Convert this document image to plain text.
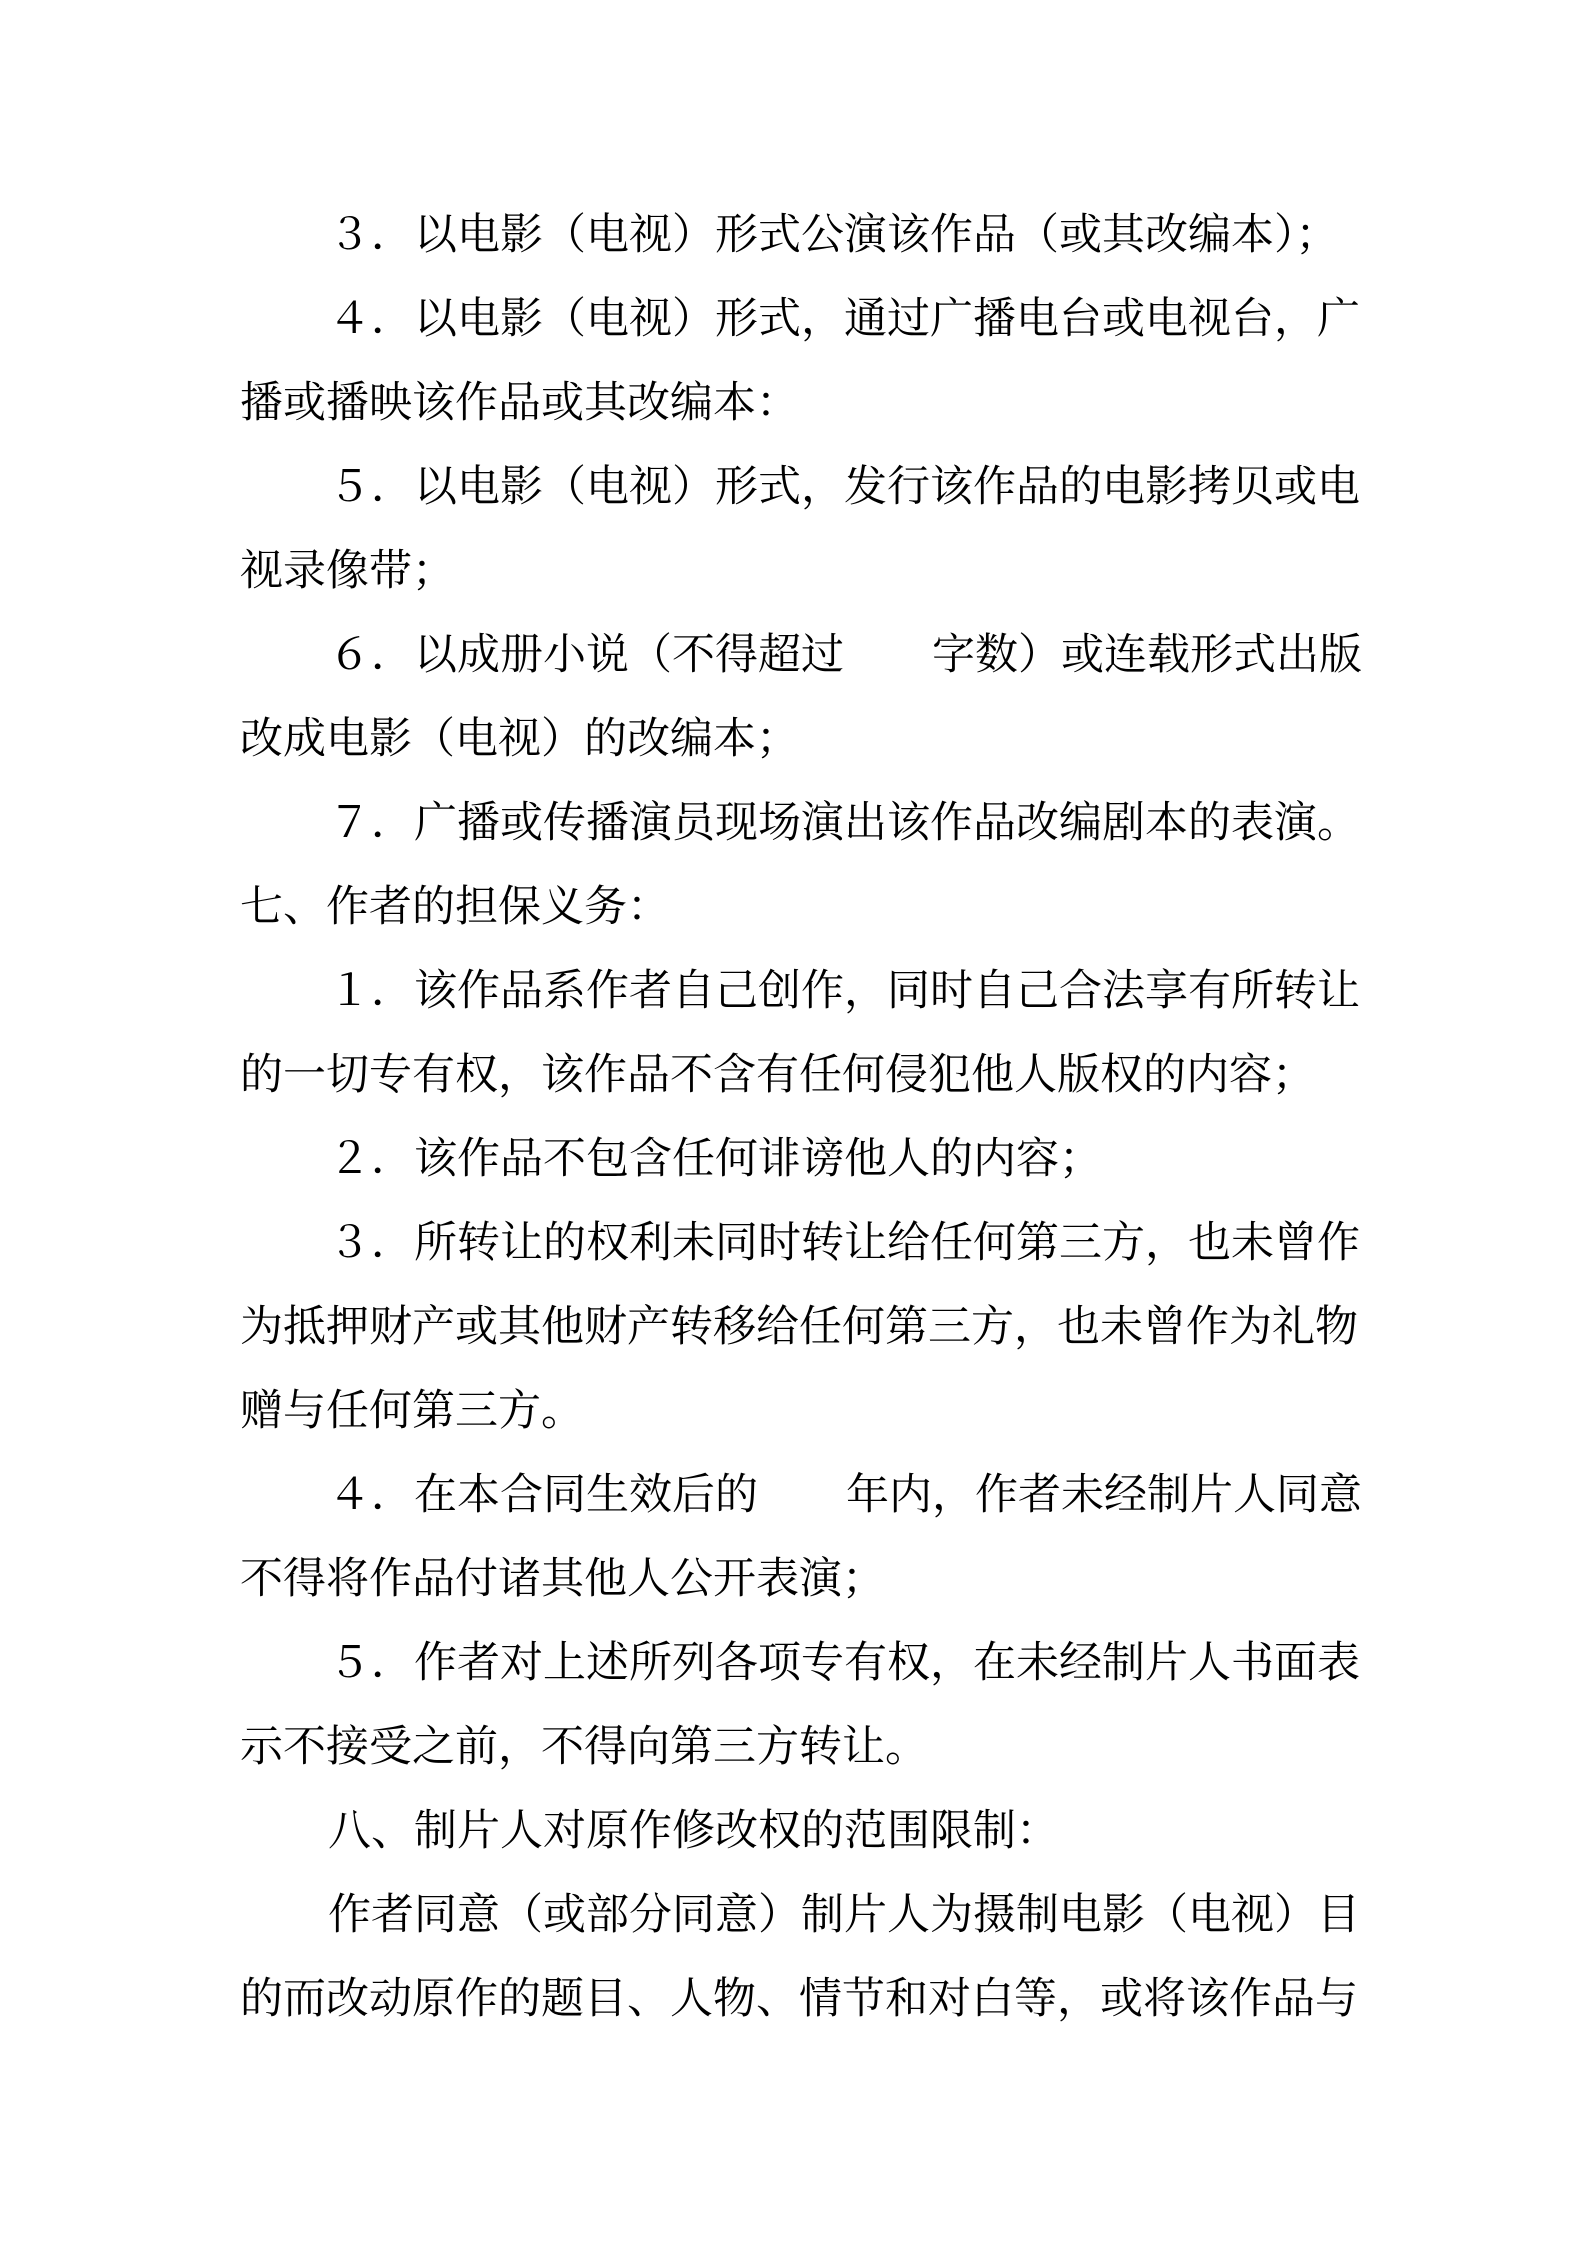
３．以电影（电视）形式公演该作品（或其改编本）；
４．以电影（电视）形式，通过广播电台或电视台，广
播或播映该作品或其改编本：
５．以电影（电视）形式，发行该作品的电影拷贝或电
视录像带；
６．以成册小说（不得超过 字数）或连载形式出版
改成电影（电视）的改编本；
７．广播或传播演员现场演出该作品改编剧本的表演。
七、作者的担保义务：
１．该作品系作者自己创作，同时自己合法享有所转让
的一切专有权，该作品不含有任何侵犯他人版权的内容；
２．该作品不包含任何诽谤他人的内容；
３．所转让的权利未同时转让给任何第三方，也未曾作
为抵押财产或其他财产转移给任何第三方，也未曾作为礼物
赠与任何第三方。
４．在本合同生效后的 年内，作者未经制片人同意
不得将作品付诸其他人公开表演；
５．作者对上述所列各项专有权，在未经制片人书面表
示不接受之前，不得向第三方转让。
八、制片人对原作修改权的范围限制：
作者同意（或部分同意）制片人为摄制电影（电视）目
的而改动原作的题目、人物、情节和对白等，或将该作品与
